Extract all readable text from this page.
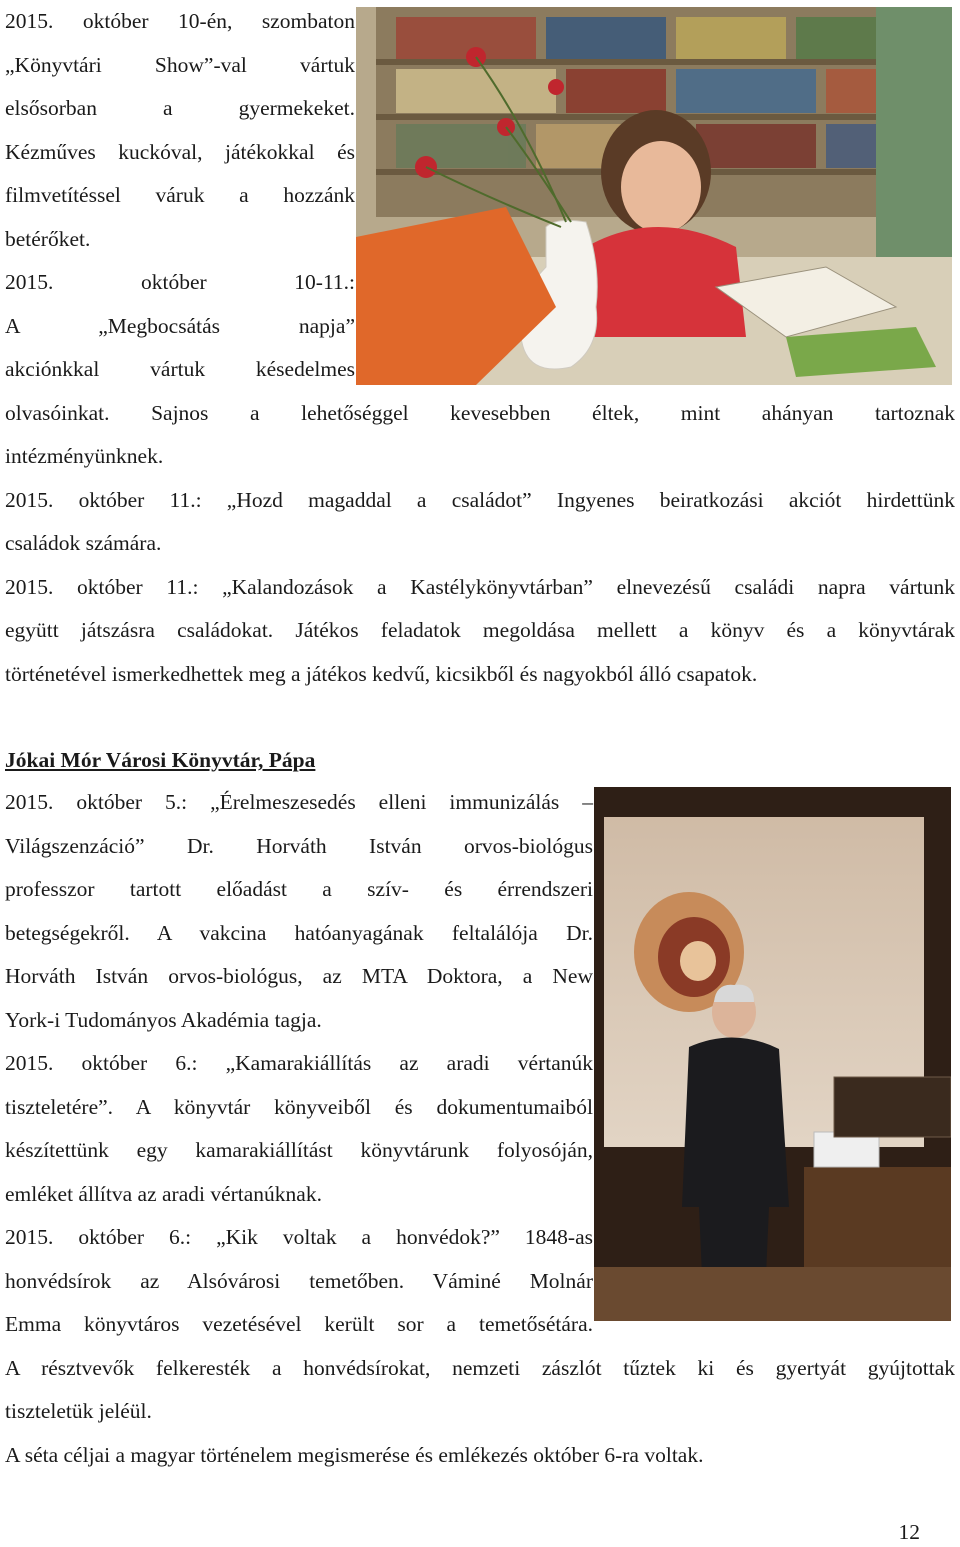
2015. október 10-én, szombaton

„Könyvtári Show”-val vártuk

elsősorban a gyermekeket.

Kézműves kuckóval, játékokkal és

filmvetítéssel váruk a hozzánk

betérőket.

2015. október 10-11.:

A „Megbocsátás napja”

akciónkkal vártuk késedelmes

olvasóinkat. Sajnos a lehetőséggel kevesebben éltek, mint ahányan tartoznak

intézményünknek.

2015. október 11.: „Hozd magaddal a családot” Ingyenes beiratkozási akciót hirdettünk

családok számára.

2015. október 11.: „Kalandozások a Kastélykönyvtárban” elnevezésű családi napra vártunk

együtt játszásra családokat. Játékos feladatok megoldása mellett a könyv és a könyvtárak

történetével ismerkedhettek meg a játékos kedvű, kicsikből és nagyokból álló csapatok.

Jókai Mór Városi Könyvtár, Pápa

2015. október 5.: „Érelmeszesedés elleni immunizálás –

Világszenzáció” Dr. Horváth István orvos-biológus

professzor tartott előadást a szív- és érrendszeri

betegségekről. A vakcina hatóanyagának feltalálója Dr.

Horváth István orvos-biológus, az MTA Doktora, a New

York-i Tudományos Akadémia tagja.

2015. október 6.: „Kamarakiállítás az aradi vértanúk

tiszteletére”. A könyvtár könyveiből és dokumentumaiból

készítettünk egy kamarakiállítást könyvtárunk folyosóján,

emléket állítva az aradi vértanúknak.

2015. október 6.: „Kik voltak a honvédok?” 1848-as

honvédsírok az Alsóvárosi temetőben. Váminé Molnár

Emma könyvtáros vezetésével került sor a temetősétára.

A résztvevők felkeresték a honvédsírokat, nemzeti zászlót tűztek ki és gyertyát gyújtottak

tiszteletük jeléül.

A séta céljai a magyar történelem megismerése és emlékezés október 6-ra voltak.

12
